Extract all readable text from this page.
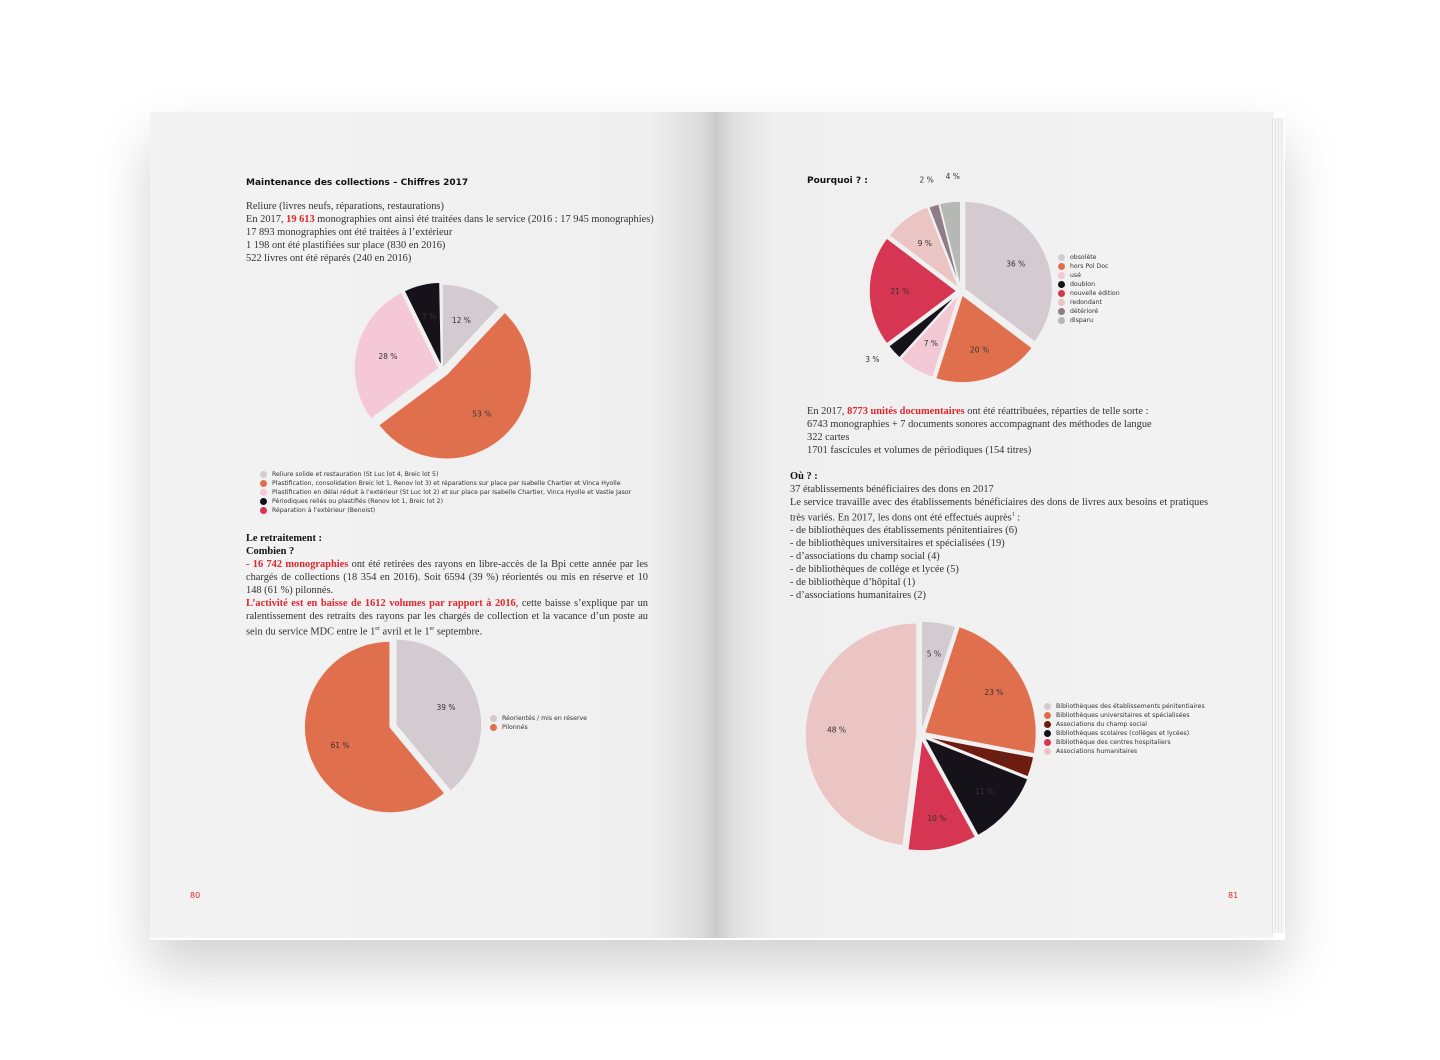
Maintenance des collections – Chiffres 2017
Reliure (livres neufs, réparations, restaurations)
En 2017, 19 613 monographies ont ainsi été traitées dans le service (2016 : 17 945 monographies)
17 893 monographies ont été traitées à l’extérieur
1 198 ont été plastifiées sur place (830 en 2016)
522 livres ont été réparés (240 en 2016)
12 %
53 %
28 %
7 %
Reliure solide et restauration (St Luc lot 4, Breic lot 5)
Plastification, consolidation Breic lot 1, Renov lot 3) et réparations sur place par Isabelle Chartier et Vinca Hyolle
Plastification en délai réduit à l’extérieur (St Luc lot 2) et sur place par Isabelle Chartier, Vinca Hyolle et Vastie Jasor
Périodiques reliés ou plastifiés (Renov lot 1, Breic lot 2)
Réparation à l’extérieur (Benoist)
Le retraitement :
Combien ?
- 16 742 monographies ont été retirées des rayons en libre-accès de la Bpi cette année par les chargés de collections (18 354 en 2016). Soit 6594 (39 %) réorientés ou mis en réserve et 10 148 (61 %) pilonnés.
L’activité est en baisse de 1612 volumes par rapport à 2016, cette baisse s’explique par un ralentissement des retraits des rayons par les chargés de collection et la vacance d’un poste au sein du service MDC entre le 1er avril et le 1er septembre.
39 %
61 %
Réorientés / mis en réserve
Pilonnés
80
Pourquoi ? :
36 %
20 %
7 %
3 %
21 %
9 %
2 % 4 %
obsolète
hors Pol Doc
usé
doublon
nouvelle édition
redondant
détérioré
disparu
En 2017, 8773 unités documentaires ont été réattribuées, réparties de telle sorte :
6743 monographies + 7 documents sonores accompagnant des méthodes de langue
322 cartes
1701 fascicules et volumes de périodiques (154 titres)
Où ? :
37 établissements bénéficiaires des dons en 2017
Le service travaille avec des établissements bénéficiaires des dons de livres aux besoins et pratiques très variés. En 2017, les dons ont été effectués auprès$^1$ :
- de bibliothèques des établissements pénitentiaires (6)
- de bibliothèques universitaires et spécialisées (19)
- d’associations du champ social (4)
- de bibliothèques de collège et lycée (5)
- de bibliothèque d’hôpital (1)
- d’associations humanitaires (2)
5 %
23 %
3 %
11 %
10 %
48 %
Bibliothèques des établissements pénitentiaires
Bibliothèques universitaires et spécialisées
Associations du champ social
Bibliothèques scolaires (collèges et lycées)
Bibliothèque des centres hospitaliers
Associations humanitaires
81
